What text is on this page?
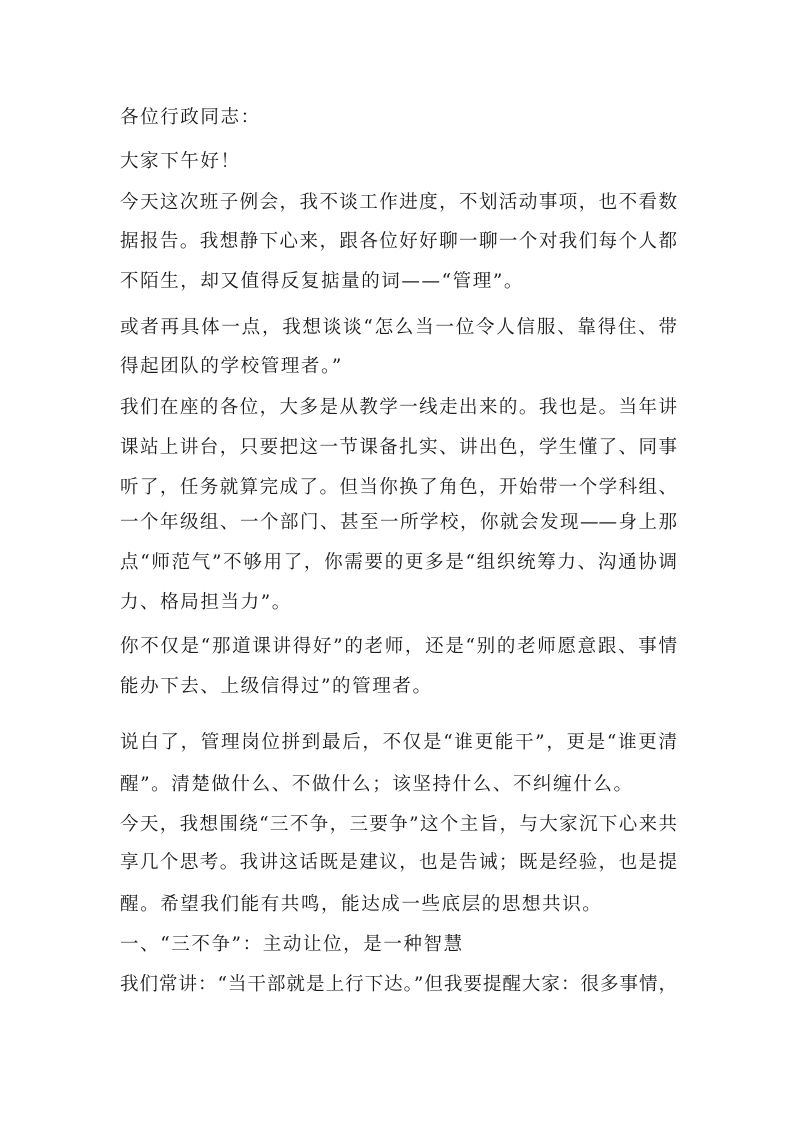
各位行政同志：
大家下午好！
今天这次班子例会，我不谈工作进度，不划活动事项，也不看数
据报告。我想静下心来，跟各位好好聊一聊一个对我们每个人都
不陌生，却又值得反复掂量的词——“管理”。
或者再具体一点，我想谈谈“怎么当一位令人信服、靠得住、带
得起团队的学校管理者。”
我们在座的各位，大多是从教学一线走出来的。我也是。当年讲
课站上讲台，只要把这一节课备扎实、讲出色，学生懂了、同事
听了，任务就算完成了。但当你换了角色，开始带一个学科组、
一个年级组、一个部门、甚至一所学校，你就会发现——身上那
点“师范气”不够用了，你需要的更多是“组织统筹力、沟通协调
力、格局担当力”。
你不仅是“那道课讲得好”的老师，还是“别的老师愿意跟、事情
能办下去、上级信得过”的管理者。
说白了，管理岗位拼到最后，不仅是“谁更能干”，更是“谁更清
醒”。清楚做什么、不做什么；该坚持什么、不纠缠什么。
今天，我想围绕“三不争，三要争”这个主旨，与大家沉下心来共
享几个思考。我讲这话既是建议，也是告诫；既是经验，也是提
醒。希望我们能有共鸣，能达成一些底层的思想共识。
一、“三不争”：主动让位，是一种智慧
我们常讲：“当干部就是上行下达。”但我要提醒大家：很多事情，
